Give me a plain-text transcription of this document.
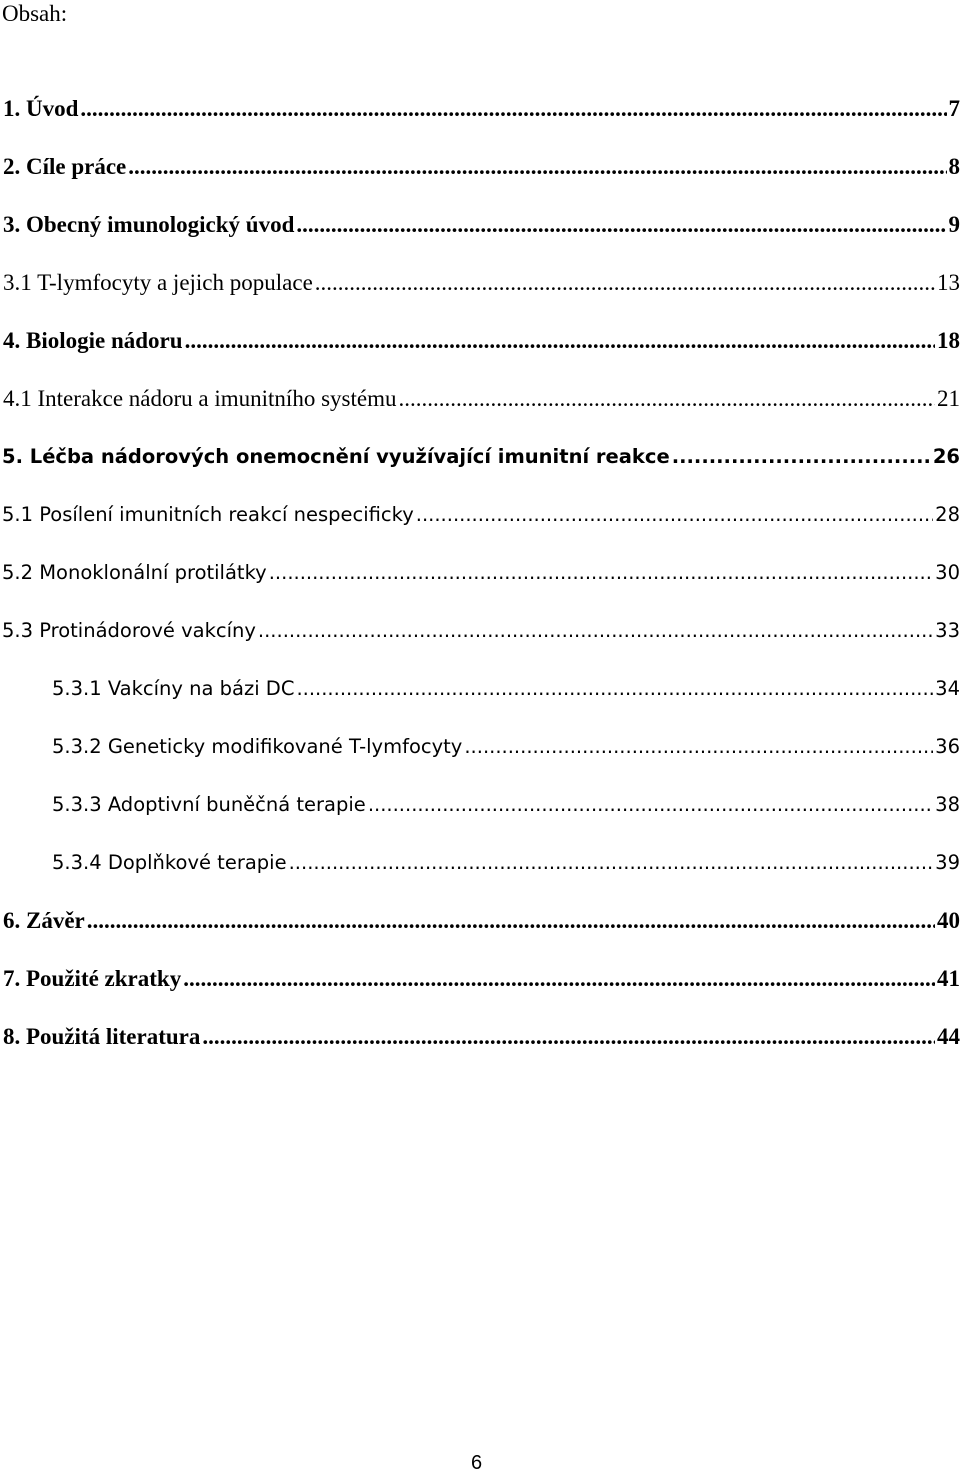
Obsah:
1. Úvod .....	7
2. Cíle práce .....	8
3. Obecný imunologický úvod .....	9
3.1 T-lymfocyty a jejich populace .....	13
4. Biologie nádoru .....	18
4.1 Interakce nádoru a imunitního systému .....	21
5. Léčba nádorových onemocnění využívající imunitní reakce .....	26
5.1 Posílení imunitních reakcí nespecificky .....	28
5.2 Monoklonální protilátky .....	30
5.3 Protinádorové vakcíny .....	33
5.3.1 Vakcíny na bázi DC .....	34
5.3.2 Geneticky modifikované T-lymfocyty .....	36
5.3.3 Adoptivní buněčná terapie .....	38
5.3.4 Doplňkové terapie .....	39
6. Závěr .....	40
7. Použité zkratky .....	41
8. Použitá literatura .....	44
6
